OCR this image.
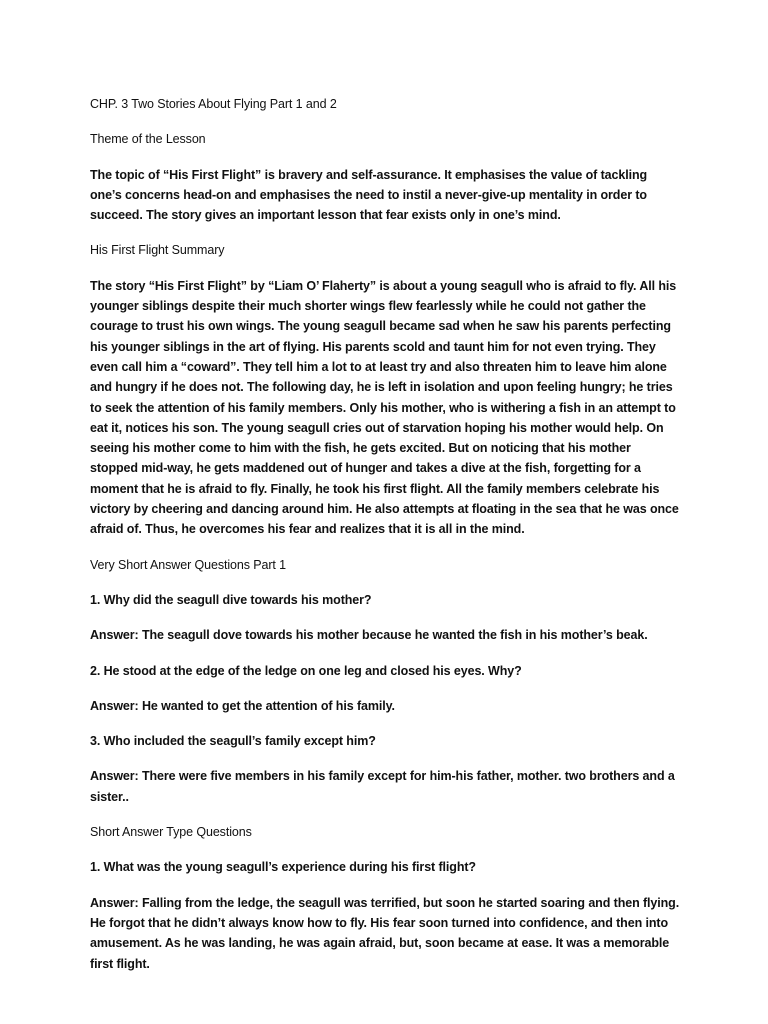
CHP. 3 Two Stories About Flying Part 1 and 2

Theme of the Lesson

The topic of “His First Flight” is bravery and self-assurance. It emphasises the value of tackling one’s concerns head-on and emphasises the need to instil a never-give-up mentality in order to succeed. The story gives an important lesson that fear exists only in one’s mind.

His First Flight Summary

The story “His First Flight” by “Liam O’ Flaherty” is about a young seagull who is afraid to fly. All his younger siblings despite their much shorter wings flew fearlessly while he could not gather the courage to trust his own wings. The young seagull became sad when he saw his parents perfecting his younger siblings in the art of flying. His parents scold and taunt him for not even trying. They even call him a “coward”. They tell him a lot to at least try and also threaten him to leave him alone and hungry if he does not. The following day, he is left in isolation and upon feeling hungry; he tries to seek the attention of his family members. Only his mother, who is withering a fish in an attempt to eat it, notices his son. The young seagull cries out of starvation hoping his mother would help. On seeing his mother come to him with the fish, he gets excited. But on noticing that his mother stopped mid-way, he gets maddened out of hunger and takes a dive at the fish, forgetting for a moment that he is afraid to fly. Finally, he took his first flight. All the family members celebrate his victory by cheering and dancing around him. He also attempts at floating in the sea that he was once afraid of. Thus, he overcomes his fear and realizes that it is all in the mind.

Very Short Answer Questions Part 1

1. Why did the seagull dive towards his mother?

Answer: The seagull dove towards his mother because he wanted the fish in his mother’s beak.

2. He stood at the edge of the ledge on one leg and closed his eyes. Why?

Answer: He wanted to get the attention of his family.

3. Who included the seagull’s family except him?

Answer: There were five members in his family except for him-his father, mother. two brothers and a sister..

Short Answer Type Questions

1. What was the young seagull’s experience during his first flight?

Answer: Falling from the ledge, the seagull was terrified, but soon he started soaring and then flying. He forgot that he didn’t always know how to fly. His fear soon turned into confidence, and then into amusement. As he was landing, he was again afraid, but, soon became at ease. It was a memorable first flight.
